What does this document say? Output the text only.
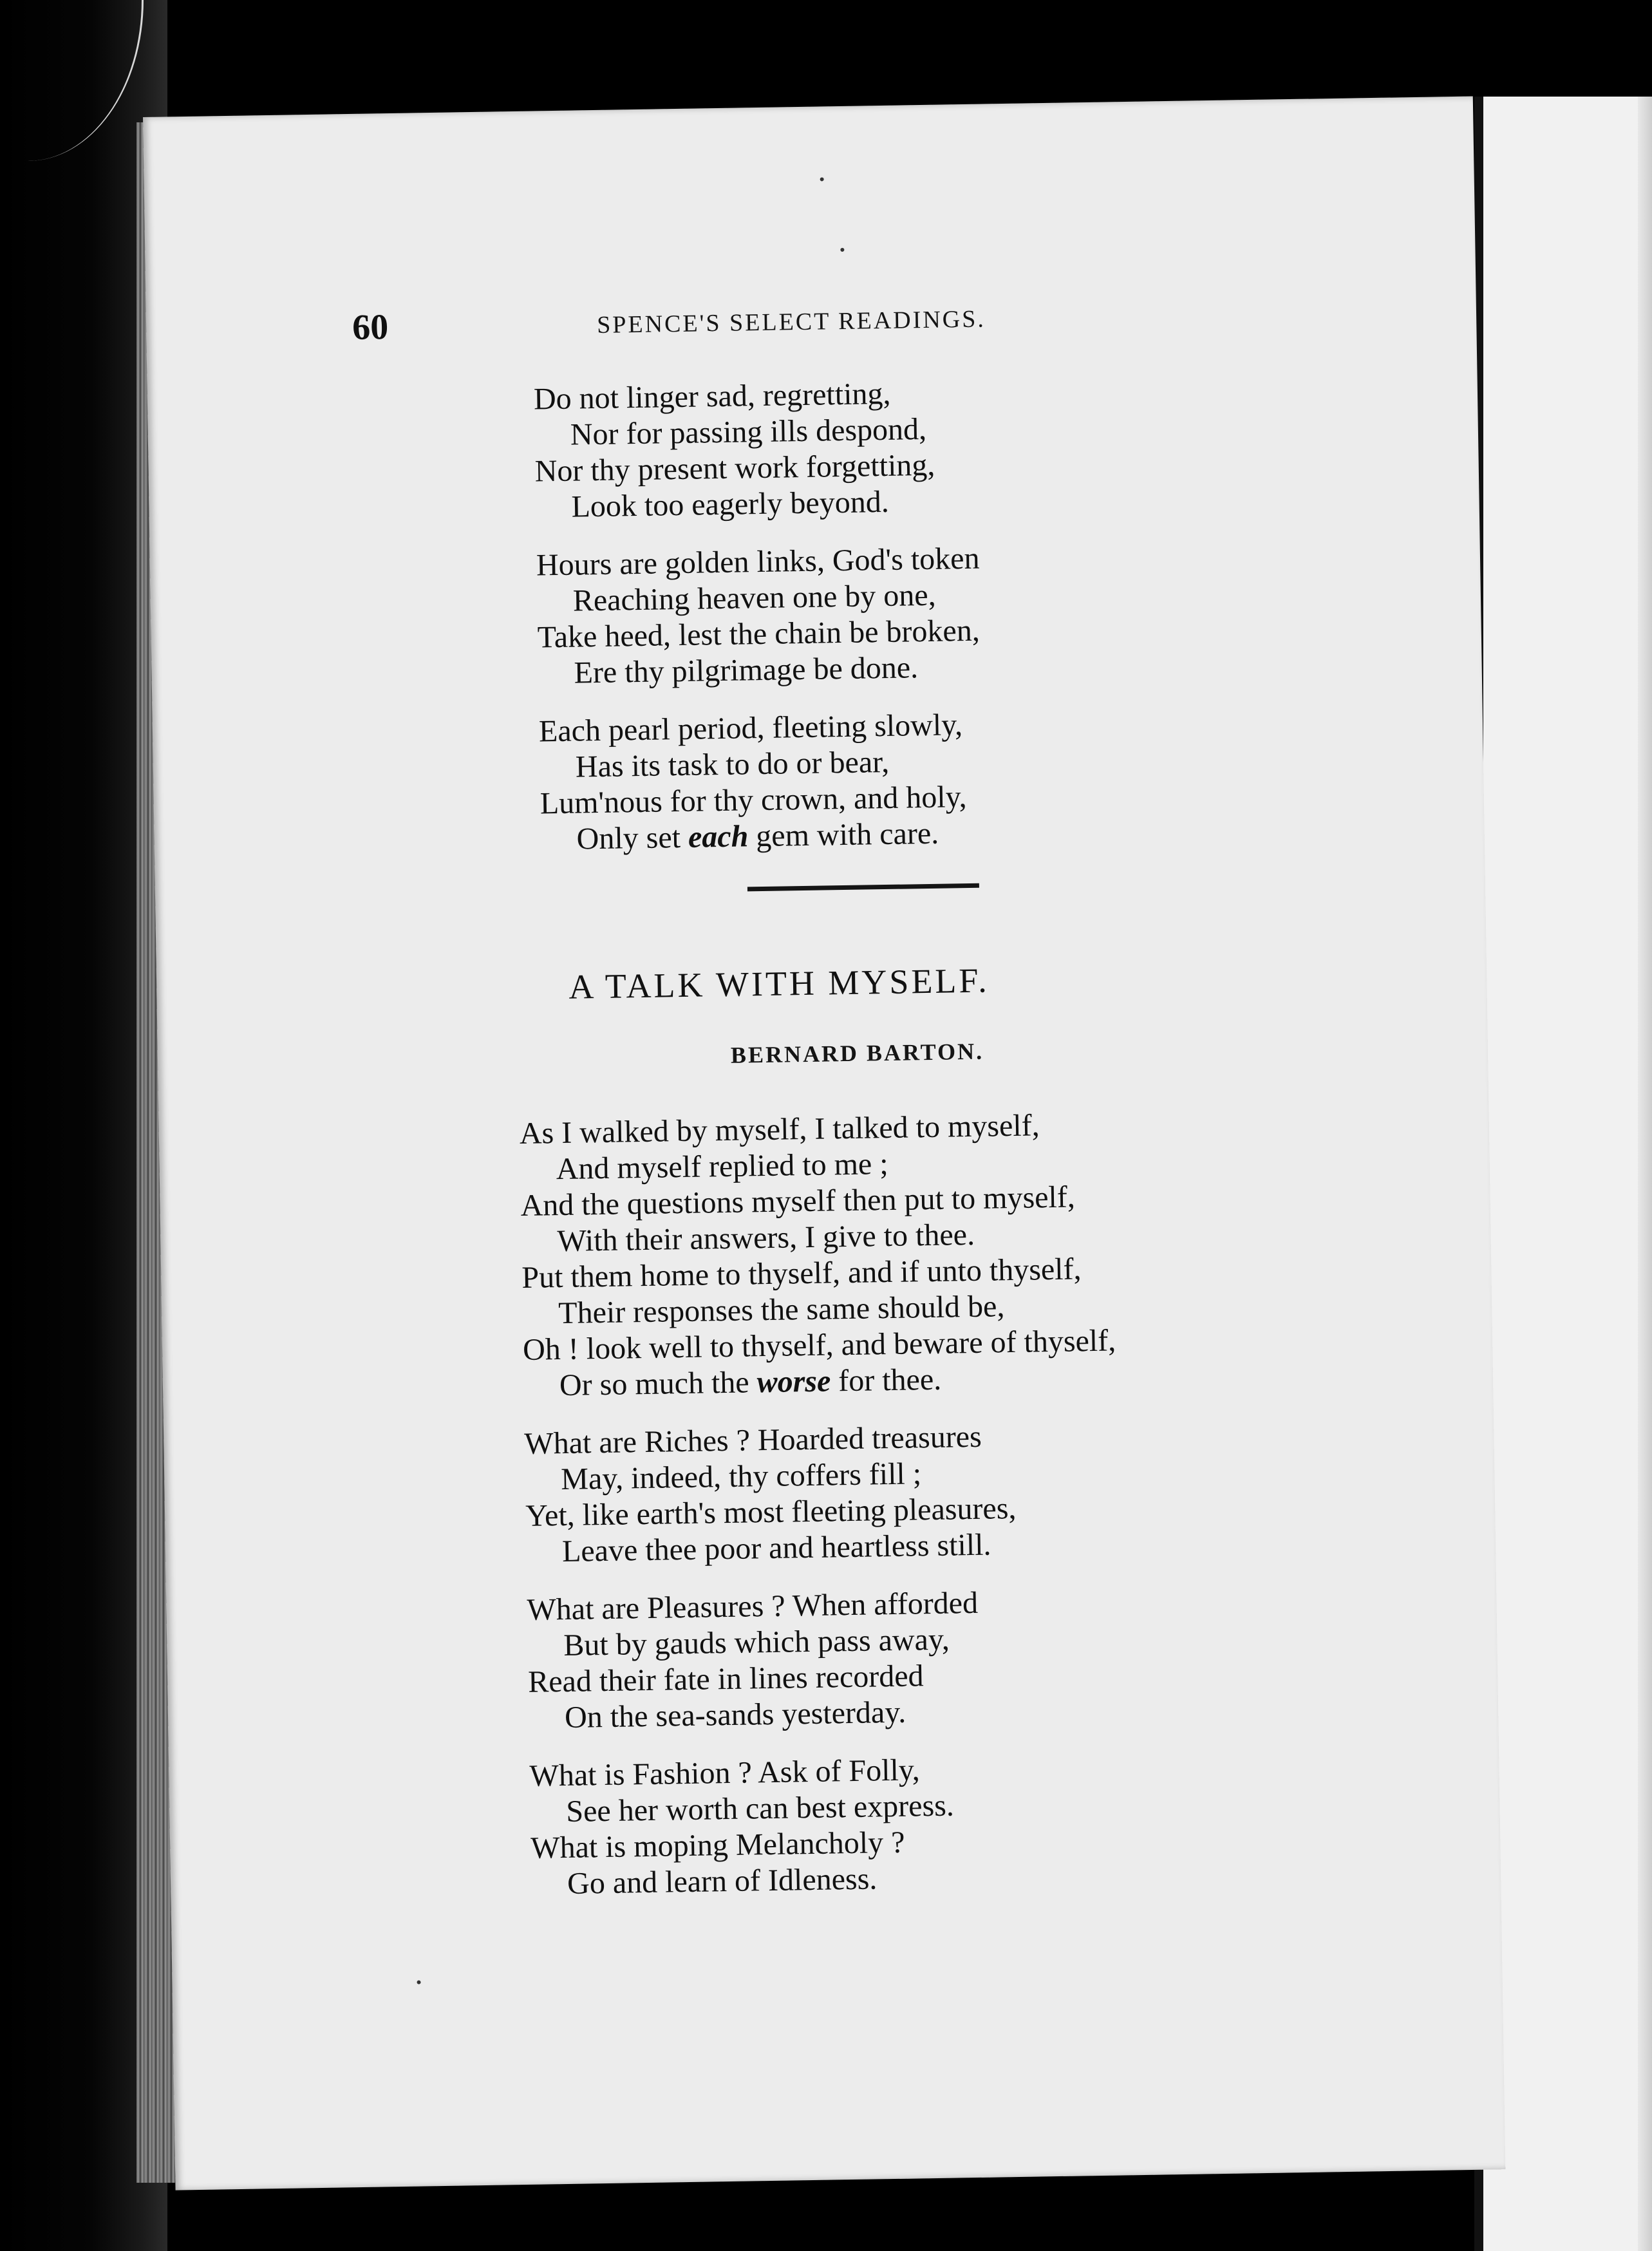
60	SPENCE'S SELECT READINGS.
Do not linger sad, regretting,
Nor for passing ills despond,
Nor thy present work forgetting,
Look too eagerly beyond.
Hours are golden links, God's token
Reaching heaven one by one,
Take heed, lest the chain be broken,
Ere thy pilgrimage be done.
Each pearl period, fleeting slowly,
Has its task to do or bear,
Lum'nous for thy crown, and holy,
Only set each gem with care.
A TALK WITH MYSELF.
BERNARD BARTON.
As I walked by myself, I talked to myself,
And myself replied to me ;
And the questions myself then put to myself,
With their answers, I give to thee.
Put them home to thyself, and if unto thyself,
Their responses the same should be,
Oh ! look well to thyself, and beware of thyself,
Or so much the worse for thee.
What are Riches ? Hoarded treasures
May, indeed, thy coffers fill ;
Yet, like earth's most fleeting pleasures,
Leave thee poor and heartless still.
What are Pleasures ? When afforded
But by gauds which pass away,
Read their fate in lines recorded
On the sea-sands yesterday.
What is Fashion ? Ask of Folly,
See her worth can best express.
What is moping Melancholy ?
Go and learn of Idleness.
